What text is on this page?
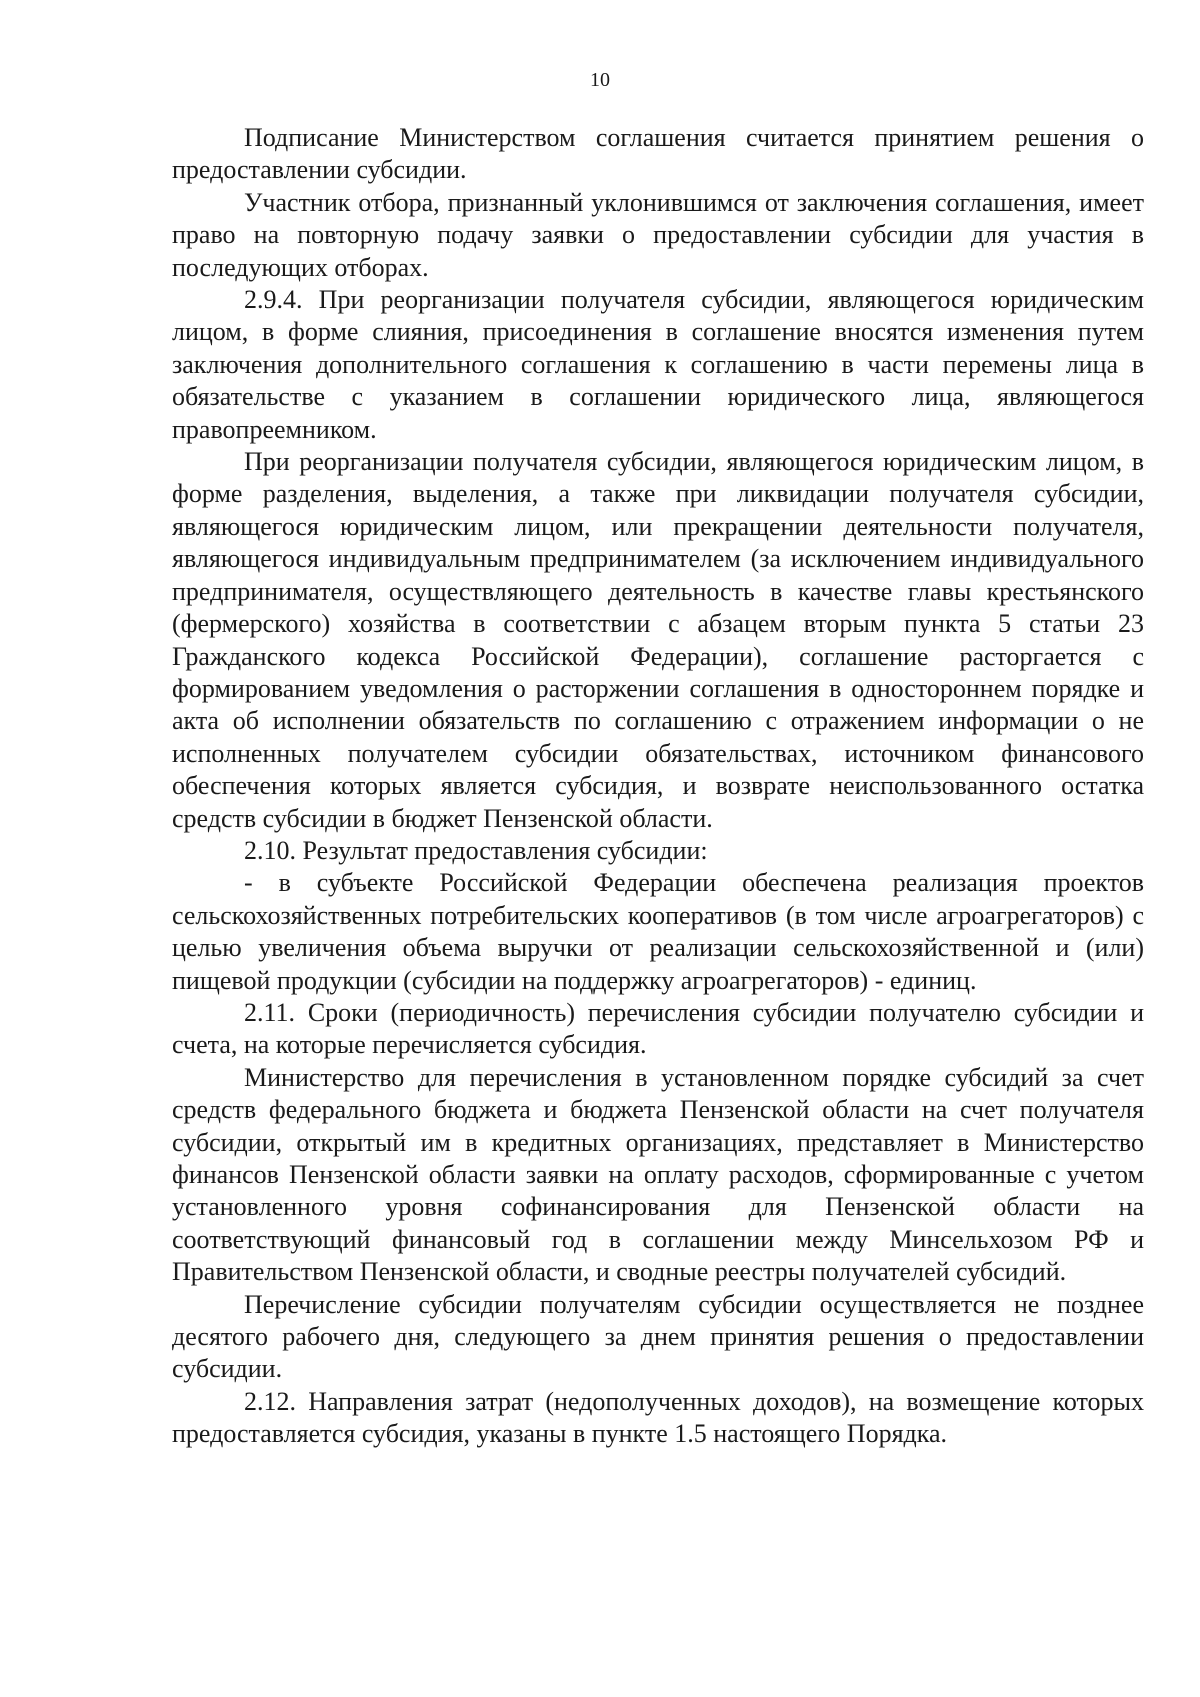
10

Подписание Министерством соглашения считается принятием решения о предоставлении субсидии.

Участник отбора, признанный уклонившимся от заключения соглашения, имеет право на повторную подачу заявки о предоставлении субсидии для участия в последующих отборах.

2.9.4. При реорганизации получателя субсидии, являющегося юридическим лицом, в форме слияния, присоединения в соглашение вносятся изменения путем заключения дополнительного соглашения к соглашению в части перемены лица в обязательстве с указанием в соглашении юридического лица, являющегося правопреемником.

При реорганизации получателя субсидии, являющегося юридическим лицом, в форме разделения, выделения, а также при ликвидации получателя субсидии, являющегося юридическим лицом, или прекращении деятельности получателя, являющегося индивидуальным предпринимателем (за исключением индивидуального предпринимателя, осуществляющего деятельность в качестве главы крестьянского (фермерского) хозяйства в соответствии с абзацем вторым пункта 5 статьи 23 Гражданского кодекса Российской Федерации), соглашение расторгается с формированием уведомления о расторжении соглашения в одностороннем порядке и акта об исполнении обязательств по соглашению с отражением информации о не исполненных получателем субсидии обязательствах, источником финансового обеспечения которых является субсидия, и возврате неиспользованного остатка средств субсидии в бюджет Пензенской области.

2.10. Результат предоставления субсидии:

- в субъекте Российской Федерации обеспечена реализация проектов сельскохозяйственных потребительских кооперативов (в том числе агроагрегаторов) с целью увеличения объема выручки от реализации сельскохозяйственной и (или) пищевой продукции (субсидии на поддержку агроагрегаторов) - единиц.

2.11. Сроки (периодичность) перечисления субсидии получателю субсидии и счета, на которые перечисляется субсидия.

Министерство для перечисления в установленном порядке субсидий за счет средств федерального бюджета и бюджета Пензенской области на счет получателя субсидии, открытый им в кредитных организациях, представляет в Министерство финансов Пензенской области заявки на оплату расходов, сформированные с учетом установленного уровня софинансирования для Пензенской области на соответствующий финансовый год в соглашении между Минсельхозом РФ и Правительством Пензенской области, и сводные реестры получателей субсидий.

Перечисление субсидии получателям субсидии осуществляется не позднее десятого рабочего дня, следующего за днем принятия решения о предоставлении субсидии.

2.12. Направления затрат (недополученных доходов), на возмещение которых предоставляется субсидия, указаны в пункте 1.5 настоящего Порядка.
